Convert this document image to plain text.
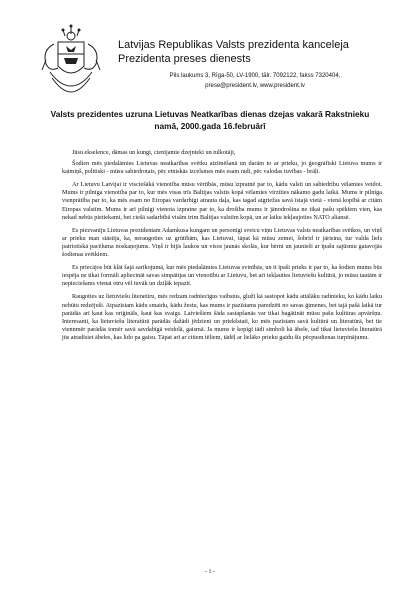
Latvijas Republikas Valsts prezidenta kanceleja
Prezidenta preses dienests
Pils laukums 3, Rīga-50, LV-1900, tālr. 7092122, fakss 7320404,
prese@president.lv, www.president.lv
Valsts prezidentes uzruna Lietuvas Neatkarības dienas dzejas vakarā Rakstnieku namā, 2000.gada 16.februārī

Jūsu ekselence, dāmas un kungi, cienījamie dzejnieki un tulkotāji,

Šodien mēs piedalāmies Lietuvas neatkarības svētku atzīmēšanā un darām to ar prieku, jo ģeogrāfiski Lietuva mums ir kaimiņš, politiski - mūsu sabiedrotais, pēc etniskās izcelsmes mēs esam radi, pēc valodas tuvības - brāļi.

Ar Lietuvu Latvijai ir visciešākā vienotība mūsu vērtībās, mūsu izpratnē par to, kādu valsti un sabiedrību vēlamies veidot. Mums ir pilnīga vienotība par to, kur mēs visas trīs Baltijas valstis kopā vēlamies virzīties nākamo gadu laikā. Mums ir pilnīga vienprātība par to, ka mēs esam no Eiropas vardarbīgi atrauta daļa, kas tagad atgriežas savā īstajā vietā - vienā kopībā ar citām Eiropas valstīm. Mums ir arī pilnīgi vienota izpratne par to, ka drošība mums ir jānodrošina ne tikai pašu spēkiem vien, kas nekad nebūs pietiekami, bet ciešā sadarbībā visām trim Baltijas valstīm kopā, un ar laiku iekļaujoties NATO aliansē.

Es piezvanīju Lietuvas prezidentam Adamkusa kungam un personīgi sveicu viņu Lietuvas valsts neatkarības svētkos, un viņš ar prieku man stāstīja, ka, neraugoties uz grūtībām, kas Lietuvai, tāpat kā mūsu zemei, šobrīd ir jārisina, tur valda liels patriotiskā pacēluma noskaņojums. Viņš ir bijis laukos un visos jaunās skolās, kur bērni un jaunieši ar īpašu sajūsmu gatavojās šodienas svētkiem.

Es priecājos būt klāt šajā sarīkojumā, kur mēs piedalāmies Lietuvas svinībās, un it īpaši prieks ir par to, ka šodien mums būs iespēja ne tikai formāli apliecināt savas simpātijas un vienotību ar Lietuvu, bet arī iekļauties lietuviešu kultūrā, jo mūsu tautām ir nepieciešams vienai otru vēl tuvāk un dziļāk iepazīt.

Raugoties uz lietuviešu literatūru, mēs redzam radniecīgus vaibstus, glužī kā sastopot kādu attālāku radinieku, ko kādu laiku nebūtu redzējuši. Atpazīstam kādu smaidu, kādu žestu, kas mums ir pazīstams paredzēti no savas ģimenes, bet tajā pašā laikā tur parādās arī kaut kas oriģināls, kaut kas svaigs. Latviešiem šāda sastapšanās var tikai bagātināt mūsu pašu kultūras apvāršņu. Interesanti, ka lietuviešu literatūrā parādās dažādi jēdzieni un priekšstati, ko mēs pazīstam savā kultūrā un literatūrā, bet tie viennmēr parādās tomēr savā savdabīgā veidolā, gaismā. Ja mums ir kopīgi tādi simboli kā ābele, tad tikai lietuviešu literatūrā jūs atradīsiet ābeles, kas lido pa gaisu. Tāpat arī ar citiem tēliem, tādēļ ar lielāko prieku gaidu šīs pēcpusdienas turpinājumu.

- 1 -
